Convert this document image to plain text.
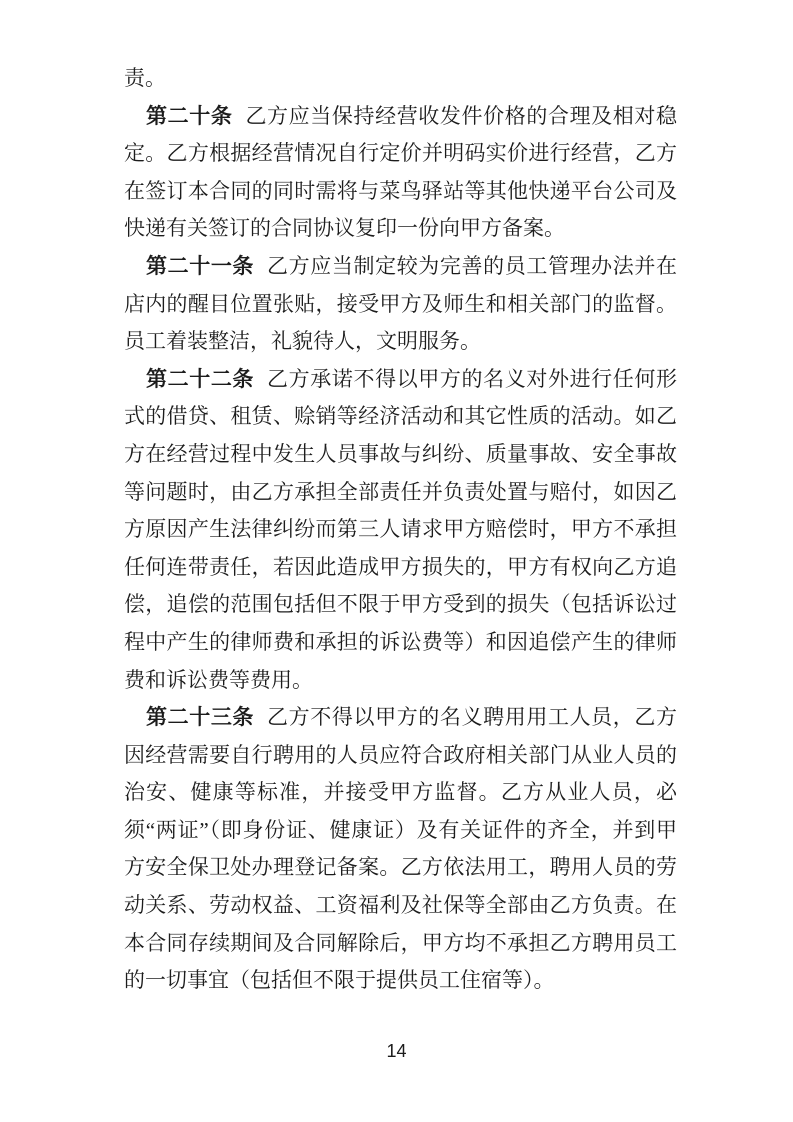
责。

第二十条 乙方应当保持经营收发件价格的合理及相对稳定。乙方根据经营情况自行定价并明码实价进行经营，乙方在签订本合同的同时需将与菜鸟驿站等其他快递平台公司及快递有关签订的合同协议复印一份向甲方备案。

第二十一条 乙方应当制定较为完善的员工管理办法并在店内的醒目位置张贴，接受甲方及师生和相关部门的监督。员工着装整洁，礼貌待人，文明服务。

第二十二条 乙方承诺不得以甲方的名义对外进行任何形式的借贷、租赁、赊销等经济活动和其它性质的活动。如乙方在经营过程中发生人员事故与纠纷、质量事故、安全事故等问题时，由乙方承担全部责任并负责处置与赔付，如因乙方原因产生法律纠纷而第三人请求甲方赔偿时，甲方不承担任何连带责任，若因此造成甲方损失的，甲方有权向乙方追偿，追偿的范围包括但不限于甲方受到的损失（包括诉讼过程中产生的律师费和承担的诉讼费等）和因追偿产生的律师费和诉讼费等费用。

第二十三条 乙方不得以甲方的名义聘用用工人员，乙方因经营需要自行聘用的人员应符合政府相关部门从业人员的治安、健康等标准，并接受甲方监督。乙方从业人员，必须“两证”（即身份证、健康证）及有关证件的齐全，并到甲方安全保卫处办理登记备案。乙方依法用工，聘用人员的劳动关系、劳动权益、工资福利及社保等全部由乙方负责。在本合同存续期间及合同解除后，甲方均不承担乙方聘用员工的一切事宜（包括但不限于提供员工住宿等）。

14
